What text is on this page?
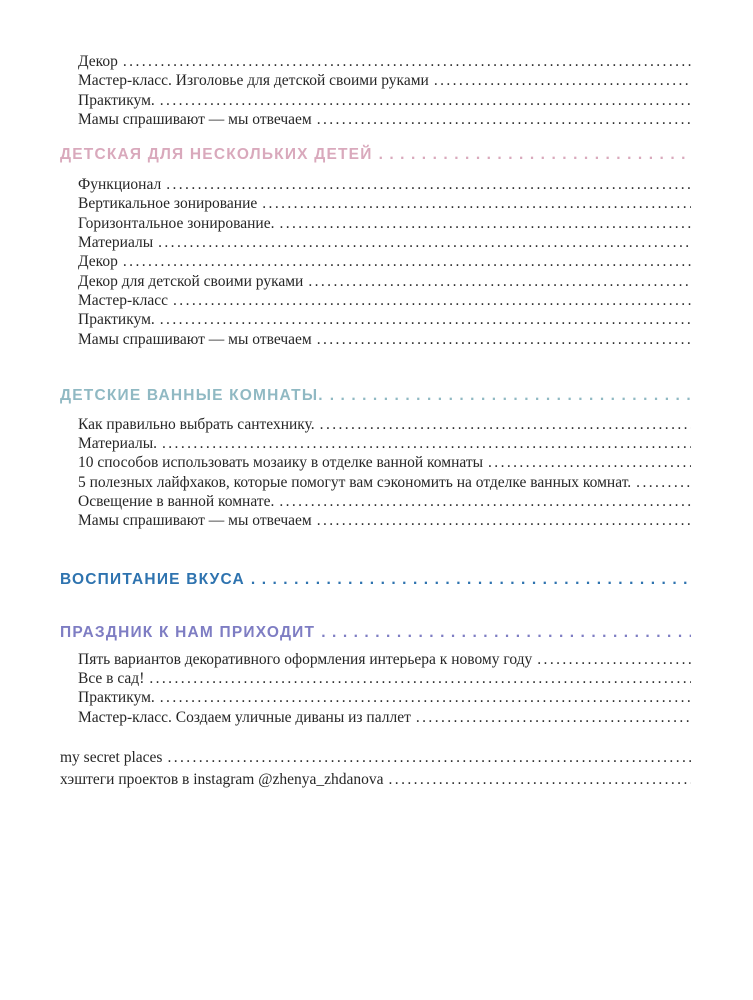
Декор
.....
Мастер-класс. Изголовье для детской своими руками
.....
Практикум.
.....
Мамы спрашивают — мы отвечаем
.....
ДЕТСКАЯ ДЛЯ НЕСКОЛЬКИХ ДЕТЕЙ
.....
Функционал
.....
Вертикальное зонирование
.....
Горизонтальное зонирование.
.....
Материалы
.....
Декор
.....
Декор для детской своими руками
.....
Мастер-класс
.....
Практикум.
.....
Мамы спрашивают — мы отвечаем
.....
ДЕТСКИЕ ВАННЫЕ КОМНАТЫ.
.....
Как правильно выбрать сантехнику.
.....
Материалы.
.....
10 способов использовать мозаику в отделке ванной комнаты
.....
5 полезных лайфхаков, которые помогут вам сэкономить на отделке ванных комнат.
.....
Освещение в ванной комнате.
.....
Мамы спрашивают — мы отвечаем
.....
ВОСПИТАНИЕ ВКУСА
.....
ПРАЗДНИК К НАМ ПРИХОДИТ
.....
Пять вариантов декоративного оформления интерьера к новому году
.....
Все в сад!
.....
Практикум.
.....
Мастер-класс. Создаем уличные диваны из паллет
.....
my secret places
.....
хэштеги проектов в instagram @zhenya_zhdanova
.....
